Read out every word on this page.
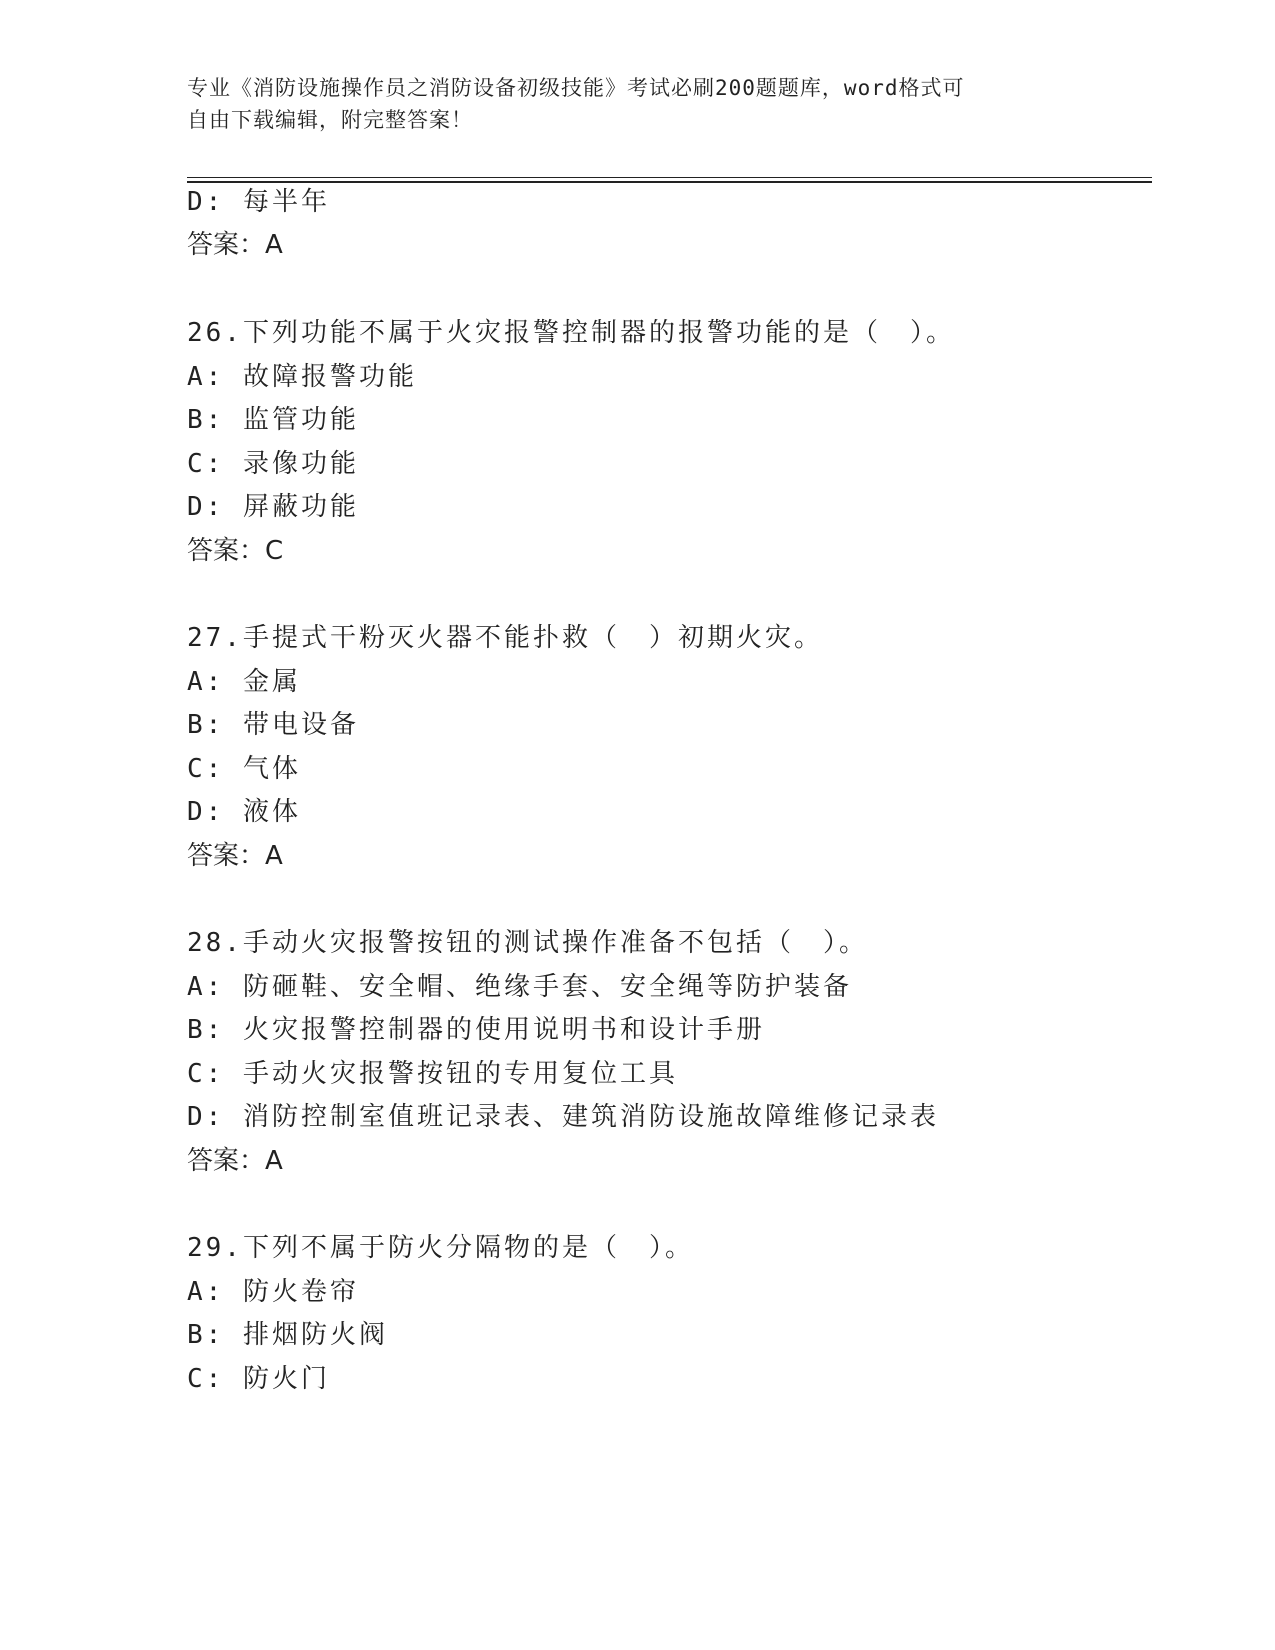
专业《消防设施操作员之消防设备初级技能》考试必刷200题题库，word格式可
自由下载编辑，附完整答案！
D: 每半年
答案：A
26.下列功能不属于火灾报警控制器的报警功能的是（　）。
A: 故障报警功能
B: 监管功能
C: 录像功能
D: 屏蔽功能
答案：C
27.手提式干粉灭火器不能扑救（　）初期火灾。
A: 金属
B: 带电设备
C: 气体
D: 液体
答案：A
28.手动火灾报警按钮的测试操作准备不包括（　）。
A: 防砸鞋、安全帽、绝缘手套、安全绳等防护装备
B: 火灾报警控制器的使用说明书和设计手册
C: 手动火灾报警按钮的专用复位工具
D: 消防控制室值班记录表、建筑消防设施故障维修记录表
答案：A
29.下列不属于防火分隔物的是（　）。
A: 防火卷帘
B: 排烟防火阀
C: 防火门
